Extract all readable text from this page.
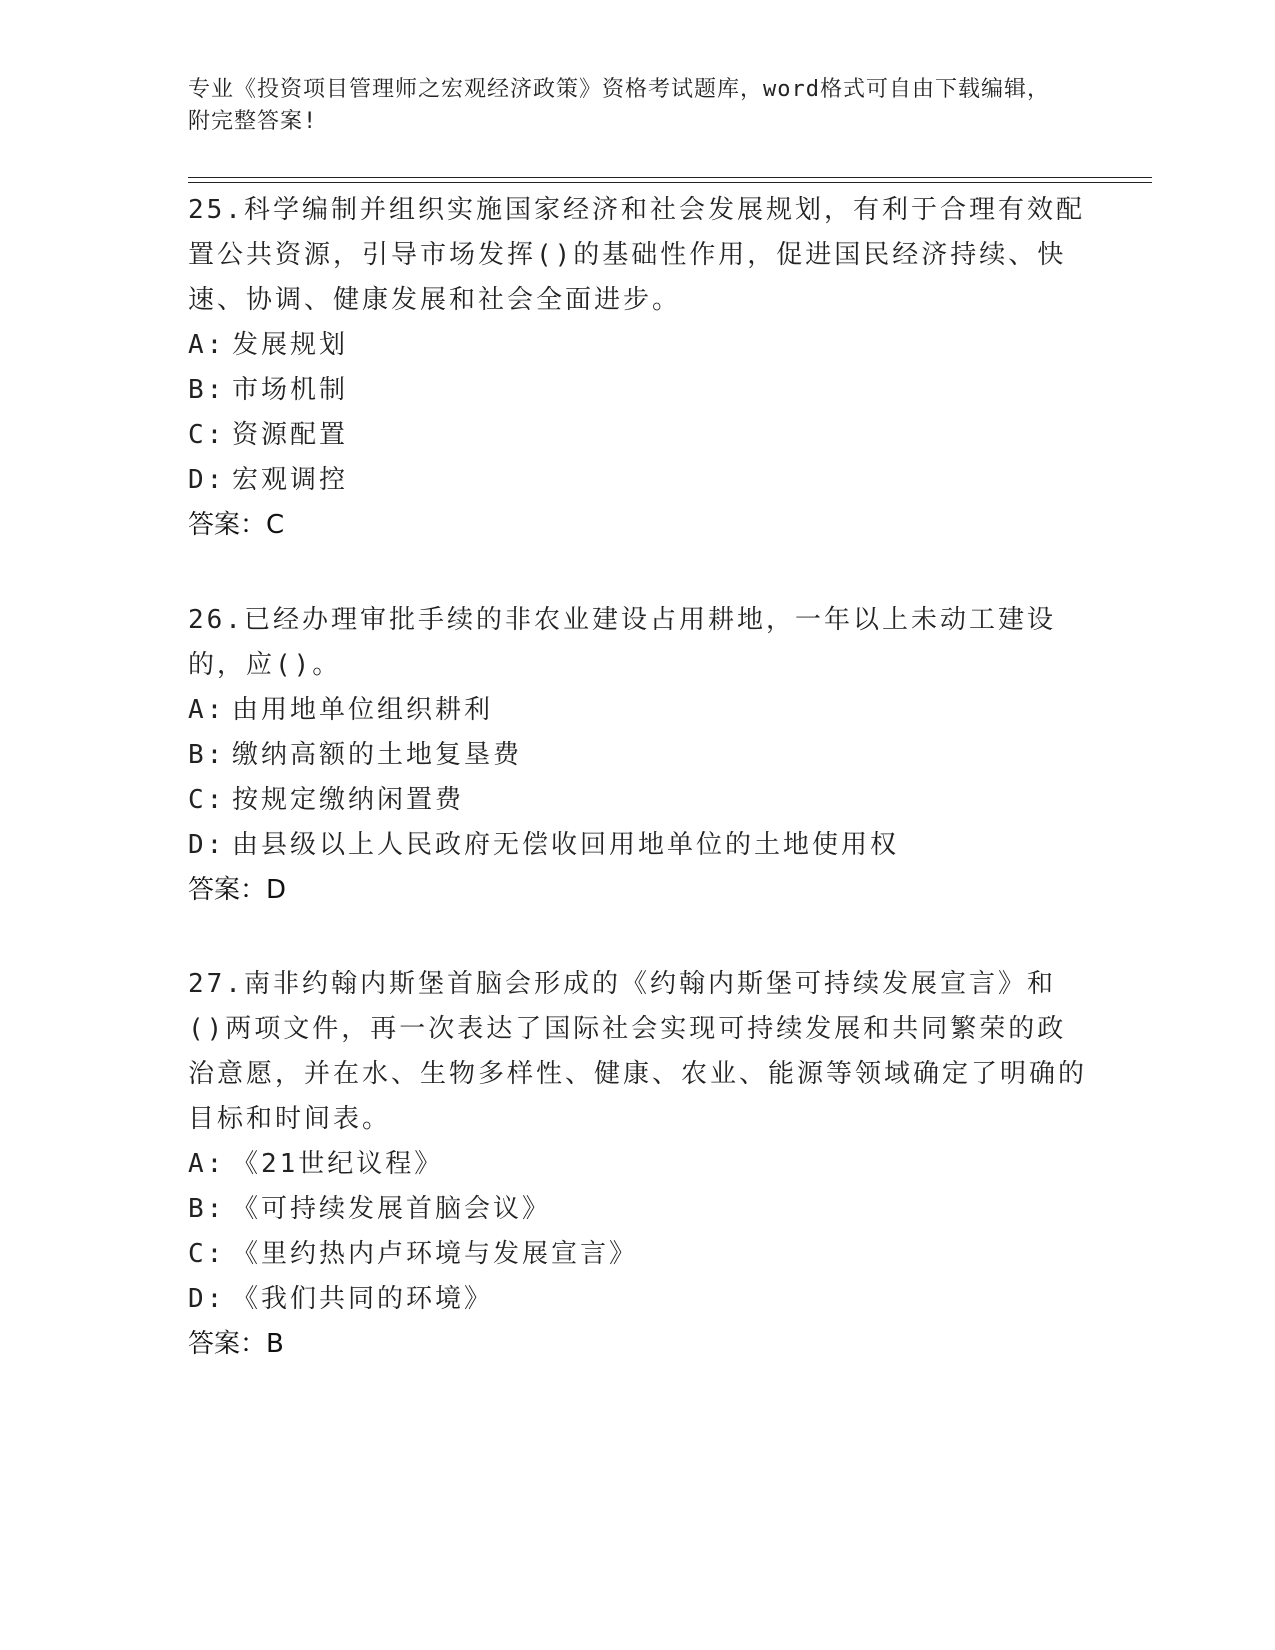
专业《投资项目管理师之宏观经济政策》资格考试题库，word格式可自由下载编辑，附完整答案!

25.科学编制并组织实施国家经济和社会发展规划，有利于合理有效配置公共资源，引导市场发挥()的基础性作用，促进国民经济持续、快速、协调、健康发展和社会全面进步。

A: 发展规划

B: 市场机制

C: 资源配置

D: 宏观调控

答案：C

26.已经办理审批手续的非农业建设占用耕地，一年以上未动工建设的，应()。

A: 由用地单位组织耕利

B: 缴纳高额的土地复垦费

C: 按规定缴纳闲置费

D: 由县级以上人民政府无偿收回用地单位的土地使用权

答案：D

27.南非约翰内斯堡首脑会形成的《约翰内斯堡可持续发展宣言》和()两项文件，再一次表达了国际社会实现可持续发展和共同繁荣的政治意愿，并在水、生物多样性、健康、农业、能源等领域确定了明确的目标和时间表。

A: 《21世纪议程》

B: 《可持续发展首脑会议》

C: 《里约热内卢环境与发展宣言》

D: 《我们共同的环境》

答案：B
